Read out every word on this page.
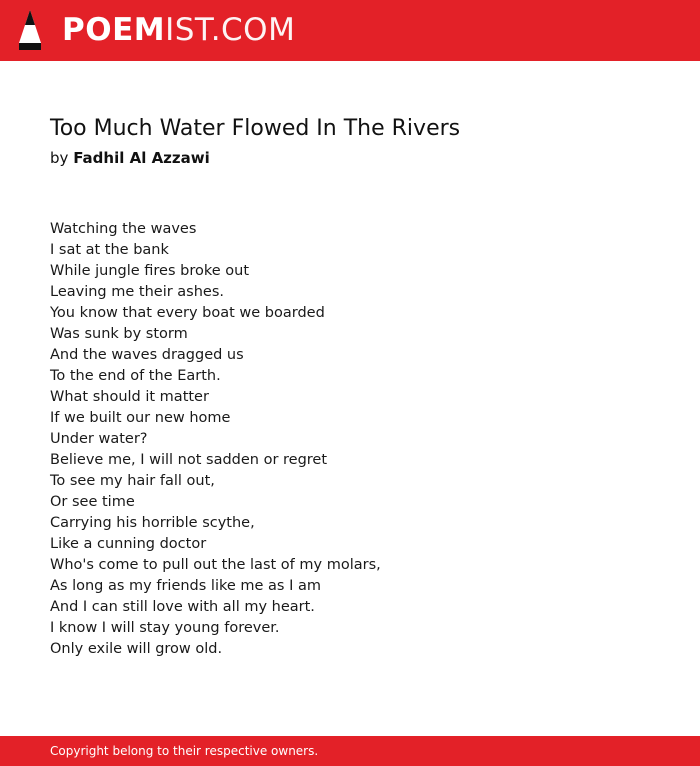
POEMIST.COM
Too Much Water Flowed In The Rivers
by Fadhil Al Azzawi
Watching the waves
I sat at the bank
While jungle fires broke out
Leaving me their ashes.
You know that every boat we boarded
Was sunk by storm
And the waves dragged us
To the end of the Earth.
What should it matter
If we built our new home
Under water?
Believe me, I will not sadden or regret
To see my hair fall out,
Or see time
Carrying his horrible scythe,
Like a cunning doctor
Who's come to pull out the last of my molars,
As long as my friends like me as I am
And I can still love with all my heart.
I know I will stay young forever.
Only exile will grow old.
Copyright belong to their respective owners.
